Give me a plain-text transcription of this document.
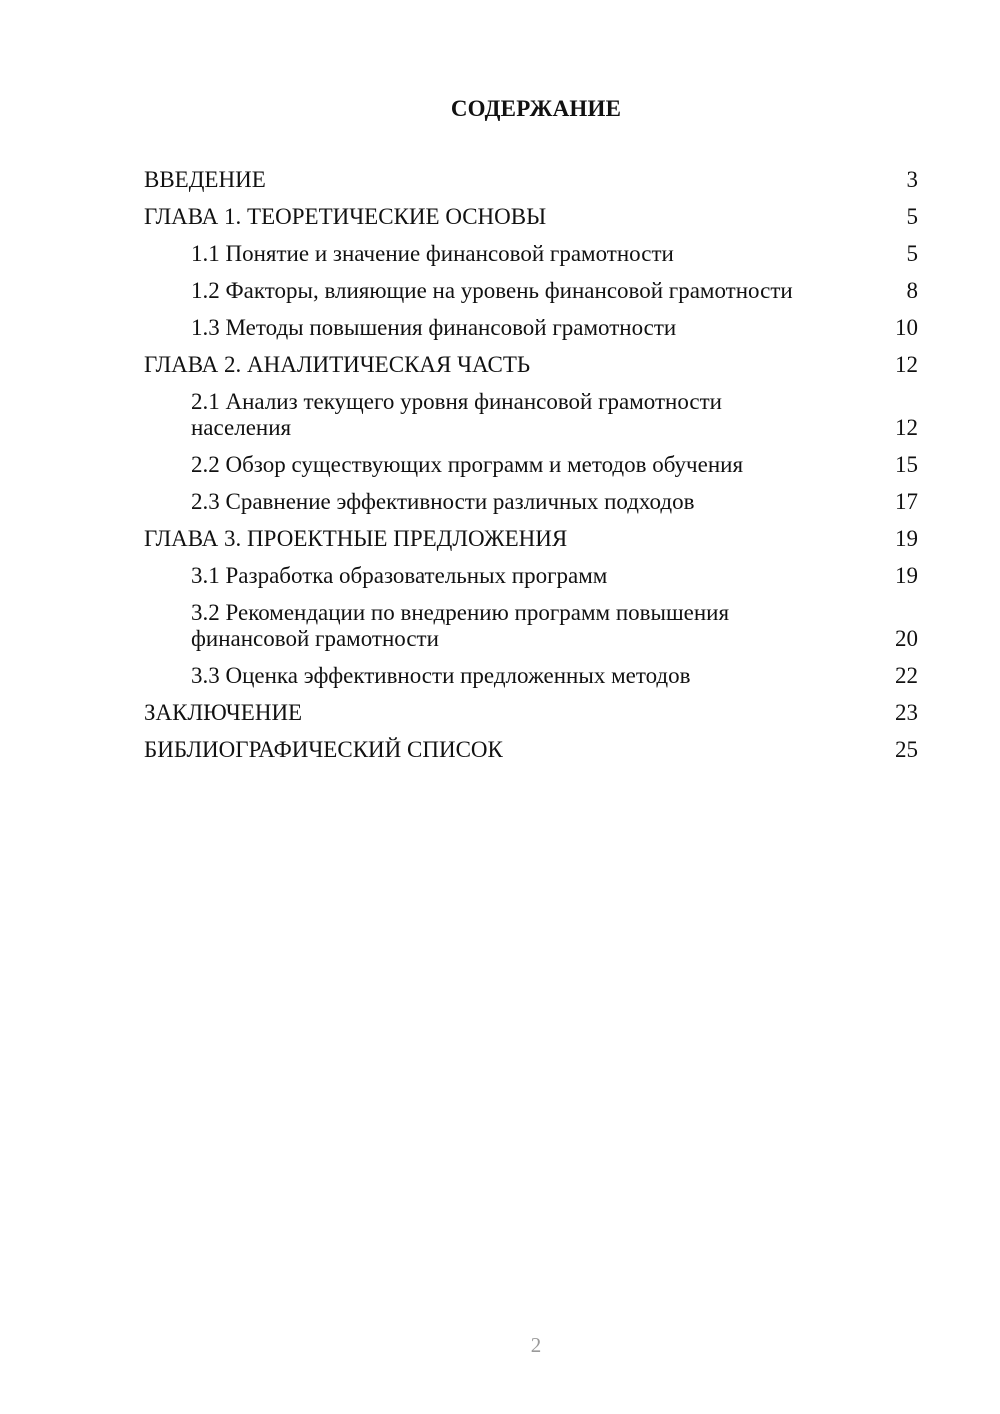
СОДЕРЖАНИЕ
ВВЕДЕНИЕ	3
ГЛАВА 1. ТЕОРЕТИЧЕСКИЕ ОСНОВЫ	5
1.1 Понятие и значение финансовой грамотности	5
1.2 Факторы, влияющие на уровень финансовой грамотности	8
1.3 Методы повышения финансовой грамотности	10
ГЛАВА 2. АНАЛИТИЧЕСКАЯ ЧАСТЬ	12
2.1 Анализ текущего уровня финансовой грамотности населения	12
2.2 Обзор существующих программ и методов обучения	15
2.3 Сравнение эффективности различных подходов	17
ГЛАВА 3. ПРОЕКТНЫЕ ПРЕДЛОЖЕНИЯ	19
3.1 Разработка образовательных программ	19
3.2 Рекомендации по внедрению программ повышения финансовой грамотности	20
3.3 Оценка эффективности предложенных методов	22
ЗАКЛЮЧЕНИЕ	23
БИБЛИОГРАФИЧЕСКИЙ СПИСОК	25
2
